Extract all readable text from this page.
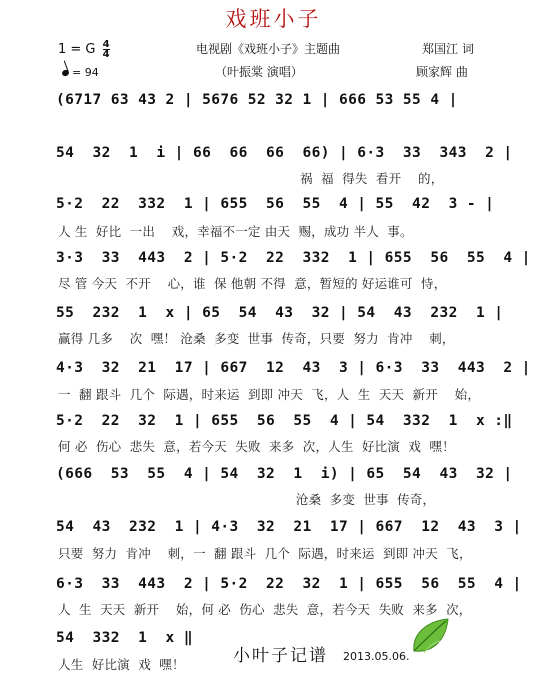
戏班小子
1 = G $\frac{4}{4}$
= 94
电视剧《戏班小子》主题曲
（叶振棠 演唱）
郑国江 词
顾家辉 曲
(6717 63 43 2 | 5676 52 32 1 | 666 53 55 4 |
54  32  1  i | 66  66  66  66) | 6·3  33  343  2 |
祸  福  得失  看开    的，
5·2  22  332  1 | 655  56  55  4 | 55  42  3 - |
人 生  好比  一出    戏，幸福不一定 由天  赐，成功 半人  事。
3·3  33  443  2 | 5·2  22  332  1 | 655  56  55  4 |
尽 管 今天  不开    心，谁  保 他朝 不得  意，暂短的 好运谁可  恃，
55  232  1  x | 65  54  43  32 | 54  43  232  1 |
赢得 几多    次  嘿！ 沧桑  多变  世事  传奇，只要  努力  肯冲    刺，
4·3  32  21  17 | 667  12  43  3 | 6·3  33  443  2 |
一  翻 跟斗  几个  际遇，时来运  到即 冲天  飞，人  生  天天  新开    始，
5·2  22  32  1 | 655  56  55  4 | 54  332  1  x :‖
何 必  伤心  悲失  意，若今天  失败  来多  次，人生  好比演  戏  嘿！
(666  53  55  4 | 54  32  1  i) | 65  54  43  32 |
沧桑  多变  世事  传奇，
54  43  232  1 | 4·3  32  21  17 | 667  12  43  3 |
只要  努力  肯冲    刺，一  翻 跟斗  几个  际遇，时来运  到即 冲天  飞，
6·3  33  443  2 | 5·2  22  32  1 | 655  56  55  4 |
人  生  天天  新开    始，何 必  伤心  悲失  意，若今天  失败  来多  次，
54  332  1  x ‖
人生  好比演  戏  嘿！	小叶子记谱 2013.05.06.
